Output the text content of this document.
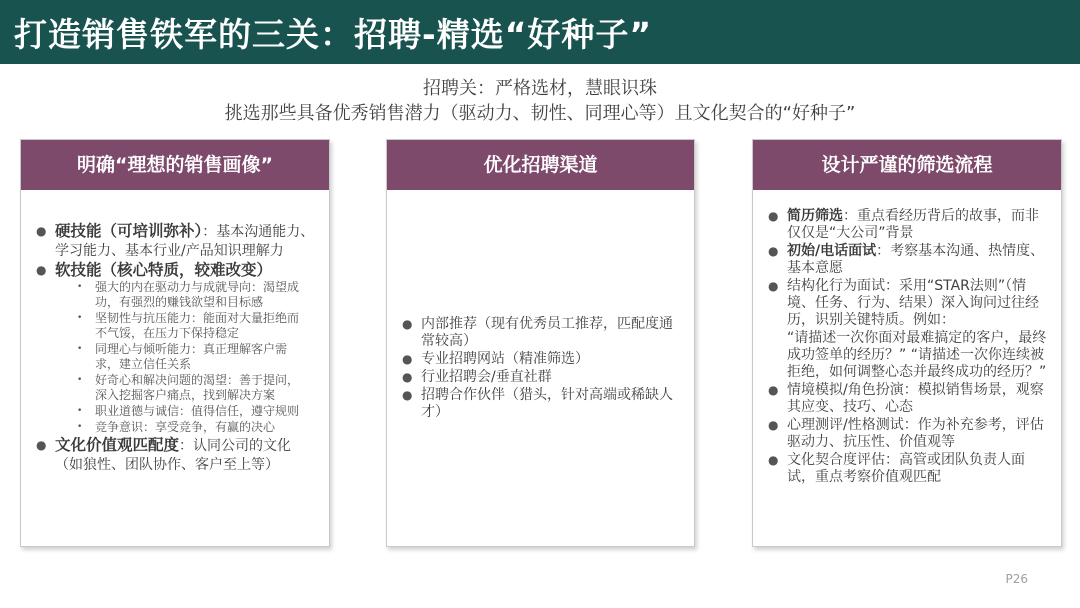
打造销售铁军的三关：招聘-精选“好种子”
招聘关：严格选材，慧眼识珠
挑选那些具备优秀销售潜力（驱动力、韧性、同理心等）且文化契合的“好种子”
明确“理想的销售画像”
● 硬技能（可培训弥补）：基本沟通能力、学习能力、基本行业/产品知识理解力
● 软技能（核心特质，较难改变）
• 强大的内在驱动力与成就导向：渴望成功，有强烈的赚钱欲望和目标感
• 坚韧性与抗压能力：能面对大量拒绝而不气馁，在压力下保持稳定
• 同理心与倾听能力：真正理解客户需求，建立信任关系
• 好奇心和解决问题的渴望：善于提问，深入挖掘客户痛点，找到解决方案
• 职业道德与诚信：值得信任，遵守规则
• 竞争意识：享受竞争，有赢的决心
● 文化价值观匹配度：认同公司的文化（如狼性、团队协作、客户至上等）
优化招聘渠道
● 内部推荐（现有优秀员工推荐，匹配度通常较高）
● 专业招聘网站（精准筛选）
● 行业招聘会/垂直社群
● 招聘合作伙伴（猎头，针对高端或稀缺人才）
设计严谨的筛选流程
● 简历筛选：重点看经历背后的故事，而非仅仅是“大公司”背景
● 初始/电话面试：考察基本沟通、热情度、基本意愿
● 结构化行为面试：采用“STAR法则”（情境、任务、行为、结果）深入询问过往经历，识别关键特质。例如：
“请描述一次你面对最难搞定的客户，最终成功签单的经历？” “请描述一次你连续被拒绝，如何调整心态并最终成功的经历？”
● 情境模拟/角色扮演：模拟销售场景，观察其应变、技巧、心态
● 心理测评/性格测试：作为补充参考，评估驱动力、抗压性、价值观等
● 文化契合度评估：高管或团队负责人面试，重点考察价值观匹配
P26
